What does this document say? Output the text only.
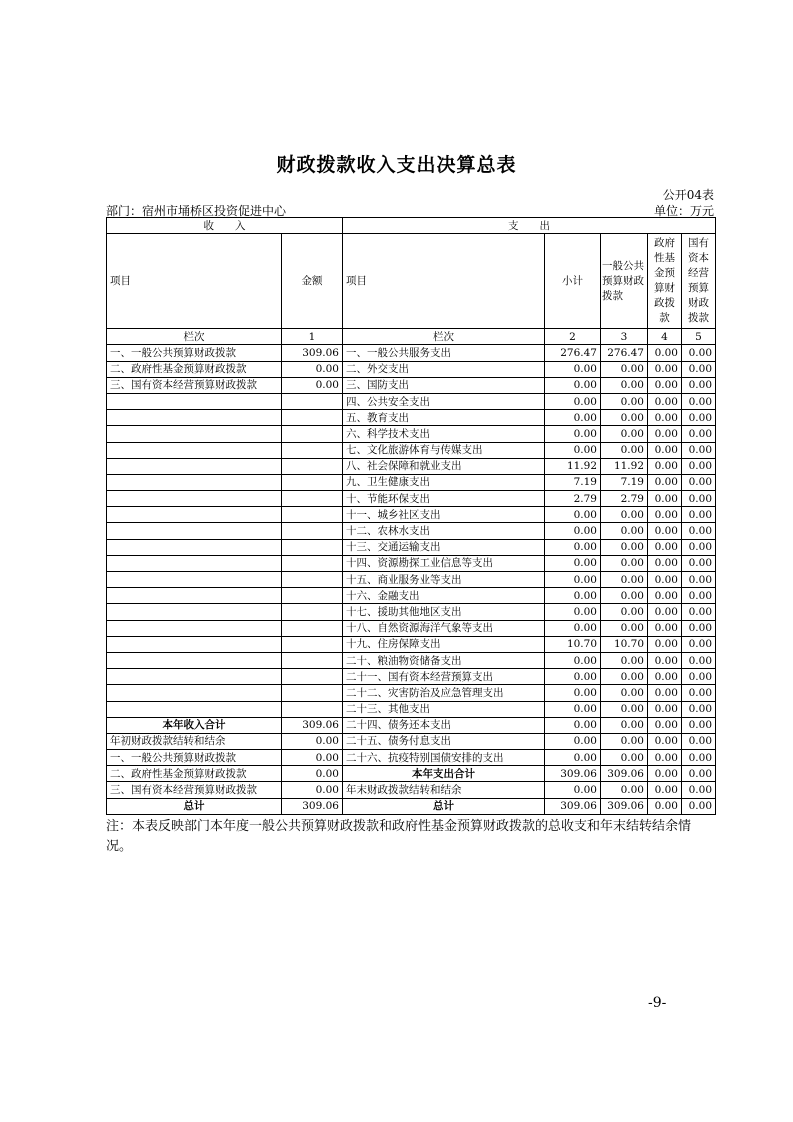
财政拨款收入支出决算总表
公开04表
部门：宿州市埇桥区投资促进中心	单位：万元
收　　入		支　　出				
项目	金额	项目	小计	一般公共预算财政拨款	政府性基金预算财政拨款	国有资本经营预算财政拨款
栏次	1	栏次	2	3	4	5
一、一般公共预算财政拨款	309.06	一、一般公共服务支出	276.47	276.47	0.00	0.00
二、政府性基金预算财政拨款	0.00	二、外交支出	0.00	0.00	0.00	0.00
三、国有资本经营预算财政拨款	0.00	三、国防支出	0.00	0.00	0.00	0.00
		四、公共安全支出	0.00	0.00	0.00	0.00
		五、教育支出	0.00	0.00	0.00	0.00
		六、科学技术支出	0.00	0.00	0.00	0.00
		七、文化旅游体育与传媒支出	0.00	0.00	0.00	0.00
		八、社会保障和就业支出	11.92	11.92	0.00	0.00
		九、卫生健康支出	7.19	7.19	0.00	0.00
		十、节能环保支出	2.79	2.79	0.00	0.00
		十一、城乡社区支出	0.00	0.00	0.00	0.00
		十二、农林水支出	0.00	0.00	0.00	0.00
		十三、交通运输支出	0.00	0.00	0.00	0.00
		十四、资源勘探工业信息等支出	0.00	0.00	0.00	0.00
		十五、商业服务业等支出	0.00	0.00	0.00	0.00
		十六、金融支出	0.00	0.00	0.00	0.00
		十七、援助其他地区支出	0.00	0.00	0.00	0.00
		十八、自然资源海洋气象等支出	0.00	0.00	0.00	0.00
		十九、住房保障支出	10.70	10.70	0.00	0.00
		二十、粮油物资储备支出	0.00	0.00	0.00	0.00
		二十一、国有资本经营预算支出	0.00	0.00	0.00	0.00
		二十二、灾害防治及应急管理支出	0.00	0.00	0.00	0.00
		二十三、其他支出	0.00	0.00	0.00	0.00
本年收入合计	309.06	二十四、债务还本支出	0.00	0.00	0.00	0.00
年初财政拨款结转和结余	0.00	二十五、债务付息支出	0.00	0.00	0.00	0.00
一、一般公共预算财政拨款	0.00	二十六、抗疫特别国债安排的支出	0.00	0.00	0.00	0.00
二、政府性基金预算财政拨款	0.00	本年支出合计	309.06	309.06	0.00	0.00
三、国有资本经营预算财政拨款	0.00	年末财政拨款结转和结余	0.00	0.00	0.00	0.00
总计	309.06	总计	309.06	309.06	0.00	0.00
注：本表反映部门本年度一般公共预算财政拨款和政府性基金预算财政拨款的总收支和年末结转结余情况。
-9-
